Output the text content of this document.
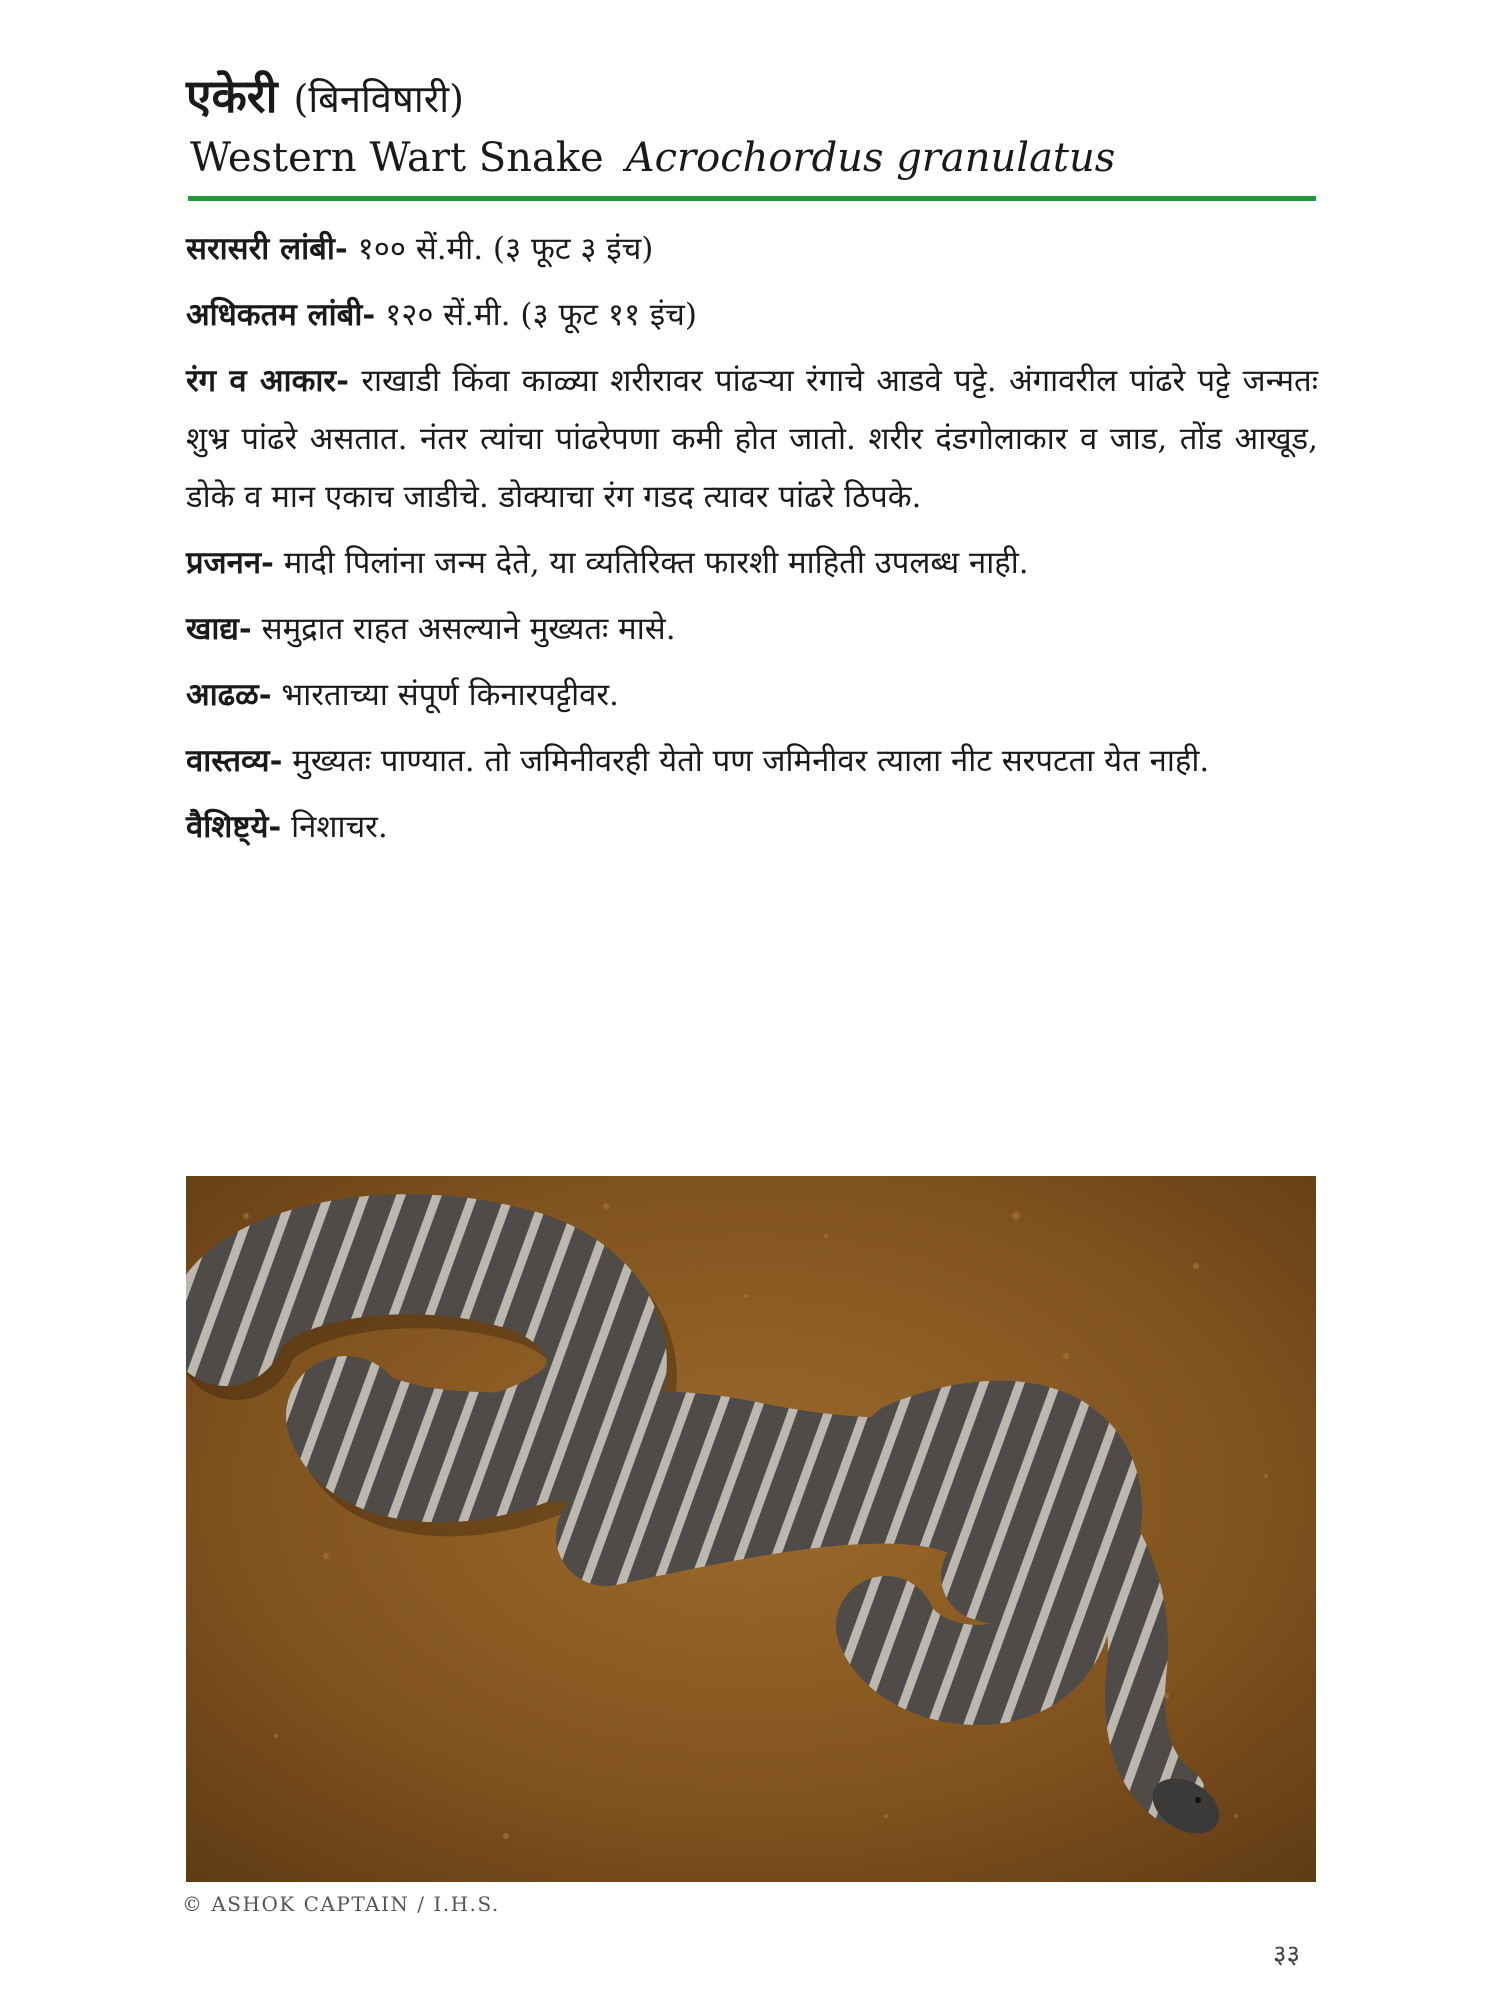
एकेरी (बिनविषारी)
Western Wart Snake Acrochordus granulatus

सरासरी लांबी- १०० सें.मी. (३ फूट ३ इंच)

अधिकतम लांबी- १२० सें.मी. (३ फूट ११ इंच)

रंग व आकार- राखाडी किंवा काळ्या शरीरावर पांढऱ्या रंगाचे आडवे पट्टे. अंगावरील पांढरे पट्टे जन्मतः शुभ्र पांढरे असतात. नंतर त्यांचा पांढरेपणा कमी होत जातो. शरीर दंडगोलाकार व जाड, तोंड आखूड, डोके व मान एकाच जाडीचे. डोक्याचा रंग गडद त्यावर पांढरे ठिपके.

प्रजनन- मादी पिलांना जन्म देते, या व्यतिरिक्त फारशी माहिती उपलब्ध नाही.

खाद्य- समुद्रात राहत असल्याने मुख्यतः मासे.

आढळ- भारताच्या संपूर्ण किनारपट्टीवर.

वास्तव्य- मुख्यतः पाण्यात. तो जमिनीवरही येतो पण जमिनीवर त्याला नीट सरपटता येत नाही.

वैशिष्ट्ये- निशाचर.

© ASHOK CAPTAIN / I.H.S.
३३
